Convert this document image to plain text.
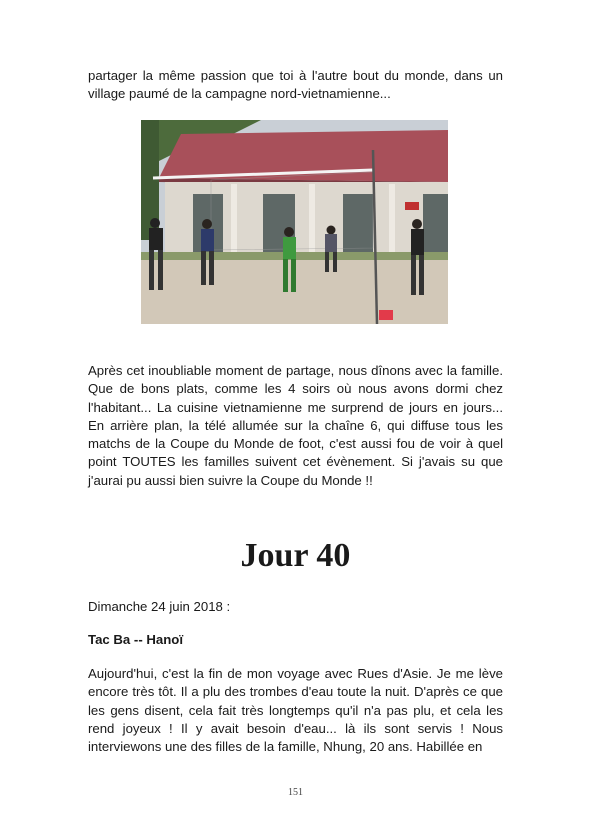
partager la même passion que toi à l'autre bout du monde, dans un village paumé de la campagne nord-vietnamienne...

Après cet inoubliable moment de partage, nous dînons avec la famille. Que de bons plats, comme les 4 soirs où nous avons dormi chez l'habitant... La cuisine vietnamienne me surprend de jours en jours... En arrière plan, la télé allumée sur la chaîne 6, qui diffuse tous les matchs de la Coupe du Monde de foot, c'est aussi fou de voir à quel point TOUTES les familles suivent cet évènement. Si j'avais su que j'aurai pu aussi bien suivre la Coupe du Monde !!

Jour 40

Dimanche 24 juin 2018 :

Tac Ba -- Hanoï

Aujourd'hui, c'est la fin de mon voyage avec Rues d'Asie. Je me lève encore très tôt. Il a plu des trombes d'eau toute la nuit. D'après ce que les gens disent, cela fait très longtemps qu'il n'a pas plu, et cela les rend joyeux ! Il y avait besoin d'eau... là ils sont servis ! Nous interviewons une des filles de la famille, Nhung, 20 ans. Habillée en

151
